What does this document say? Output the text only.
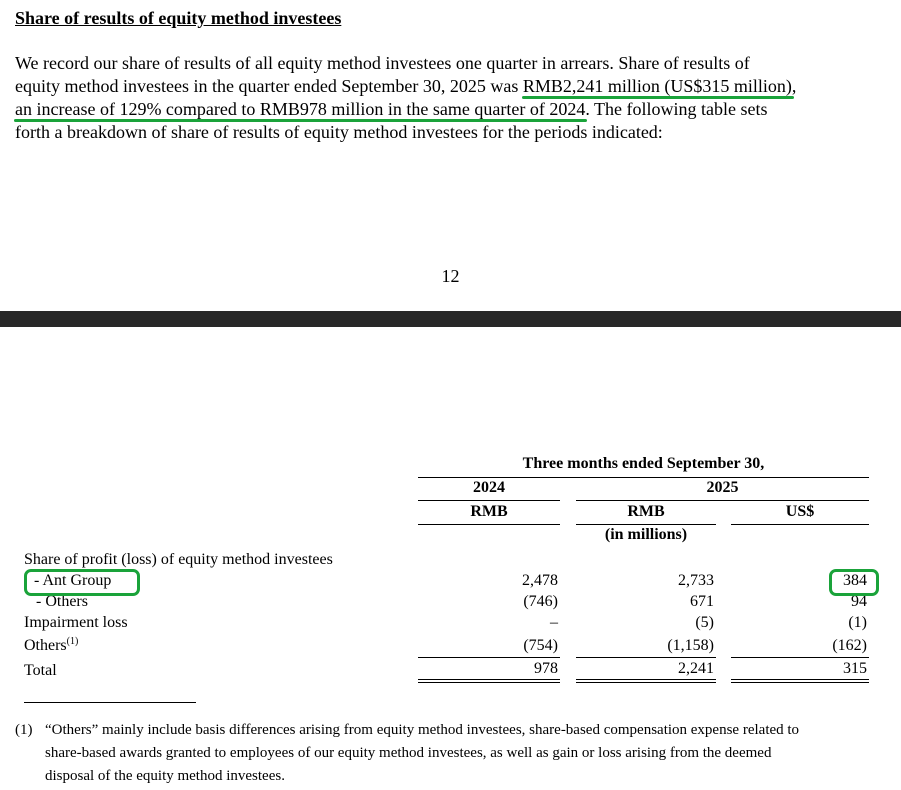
Share of results of equity method investees
We record our share of results of all equity method investees one quarter in arrears. Share of results of
equity method investees in the quarter ended September 30, 2025 was RMB2,241 million (US$315 million),
an increase of 129% compared to RMB978 million in the same quarter of 2024. The following table sets
forth a breakdown of share of results of equity method investees for the periods indicated:
12
Three months ended September 30,
2024	2025
RMB	RMB	US$
(in millions)
Share of profit (loss) of equity method investees
- Ant Group	2,478	2,733	384
- Others	(746)	671	94
Impairment loss	–	(5)	(1)
Others$^{(1)}$	(754)	(1,158)	(162)
Total	978	2,241	315
(1) “Others” mainly include basis differences arising from equity method investees, share-based compensation expense related to
share-based awards granted to employees of our equity method investees, as well as gain or loss arising from the deemed
disposal of the equity method investees.
